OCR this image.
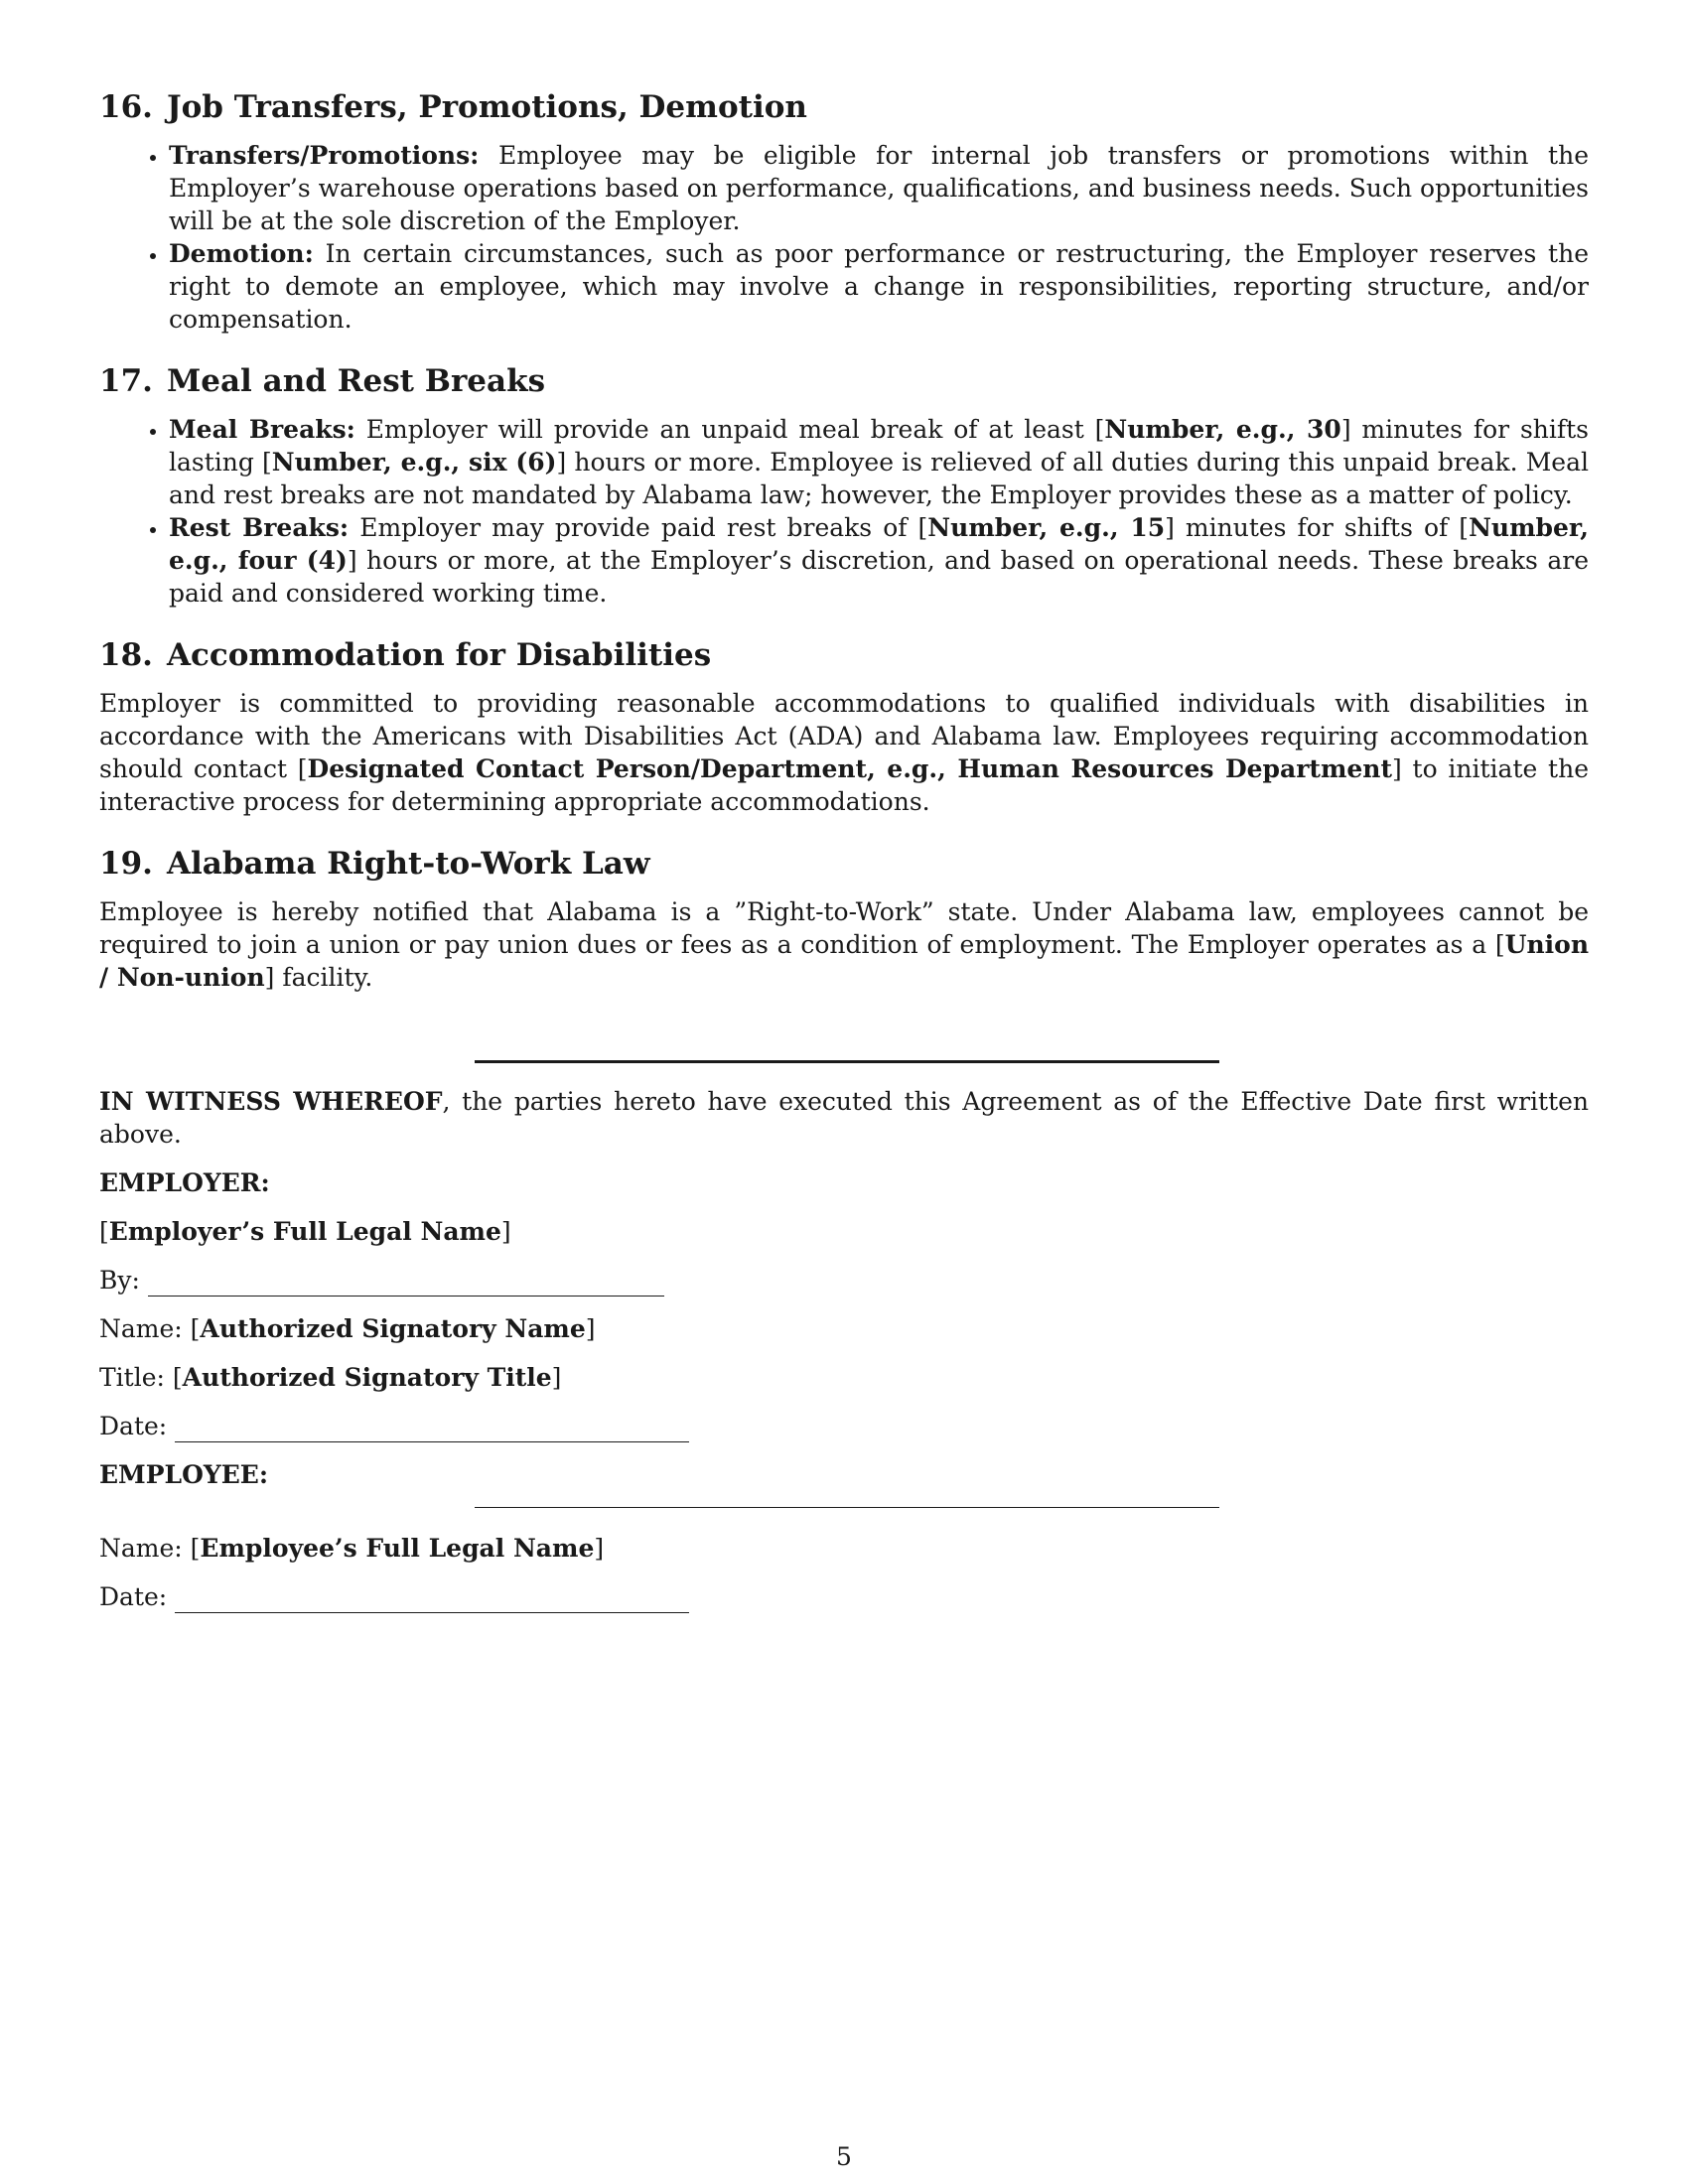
16. Job Transfers, Promotions, Demotion
• Transfers/Promotions: Employee may be eligible for internal job transfers or promotions within the Employer’s warehouse operations based on performance, qualifications, and business needs. Such opportunities will be at the sole discretion of the Employer.
• Demotion: In certain circumstances, such as poor performance or restructuring, the Employer reserves the right to demote an employee, which may involve a change in responsibilities, reporting structure, and/or compensation.
17. Meal and Rest Breaks
• Meal Breaks: Employer will provide an unpaid meal break of at least [Number, e.g., 30] minutes for shifts lasting [Number, e.g., six (6)] hours or more. Employee is relieved of all duties during this unpaid break. Meal and rest breaks are not mandated by Alabama law; however, the Employer provides these as a matter of policy.
• Rest Breaks: Employer may provide paid rest breaks of [Number, e.g., 15] minutes for shifts of [Number, e.g., four (4)] hours or more, at the Employer’s discretion, and based on operational needs. These breaks are paid and considered working time.
18. Accommodation for Disabilities

Employer is committed to providing reasonable accommodations to qualified individuals with disabilities in accordance with the Americans with Disabilities Act (ADA) and Alabama law. Employees requiring accommodation should contact [Designated Contact Person/Department, e.g., Human Resources Department] to initiate the interactive process for determining appropriate accommodations.

19. Alabama Right-to-Work Law

Employee is hereby notified that Alabama is a ”Right-to-Work” state. Under Alabama law, employees cannot be required to join a union or pay union dues or fees as a condition of employment. The Employer operates as a [Union / Non-union] facility.

IN WITNESS WHEREOF, the parties hereto have executed this Agreement as of the Effective Date first written above.

EMPLOYER:

[Employer’s Full Legal Name]

By:

Name: [Authorized Signatory Name]

Title: [Authorized Signatory Title]

Date:

EMPLOYEE:

Name: [Employee’s Full Legal Name]

Date:

5
